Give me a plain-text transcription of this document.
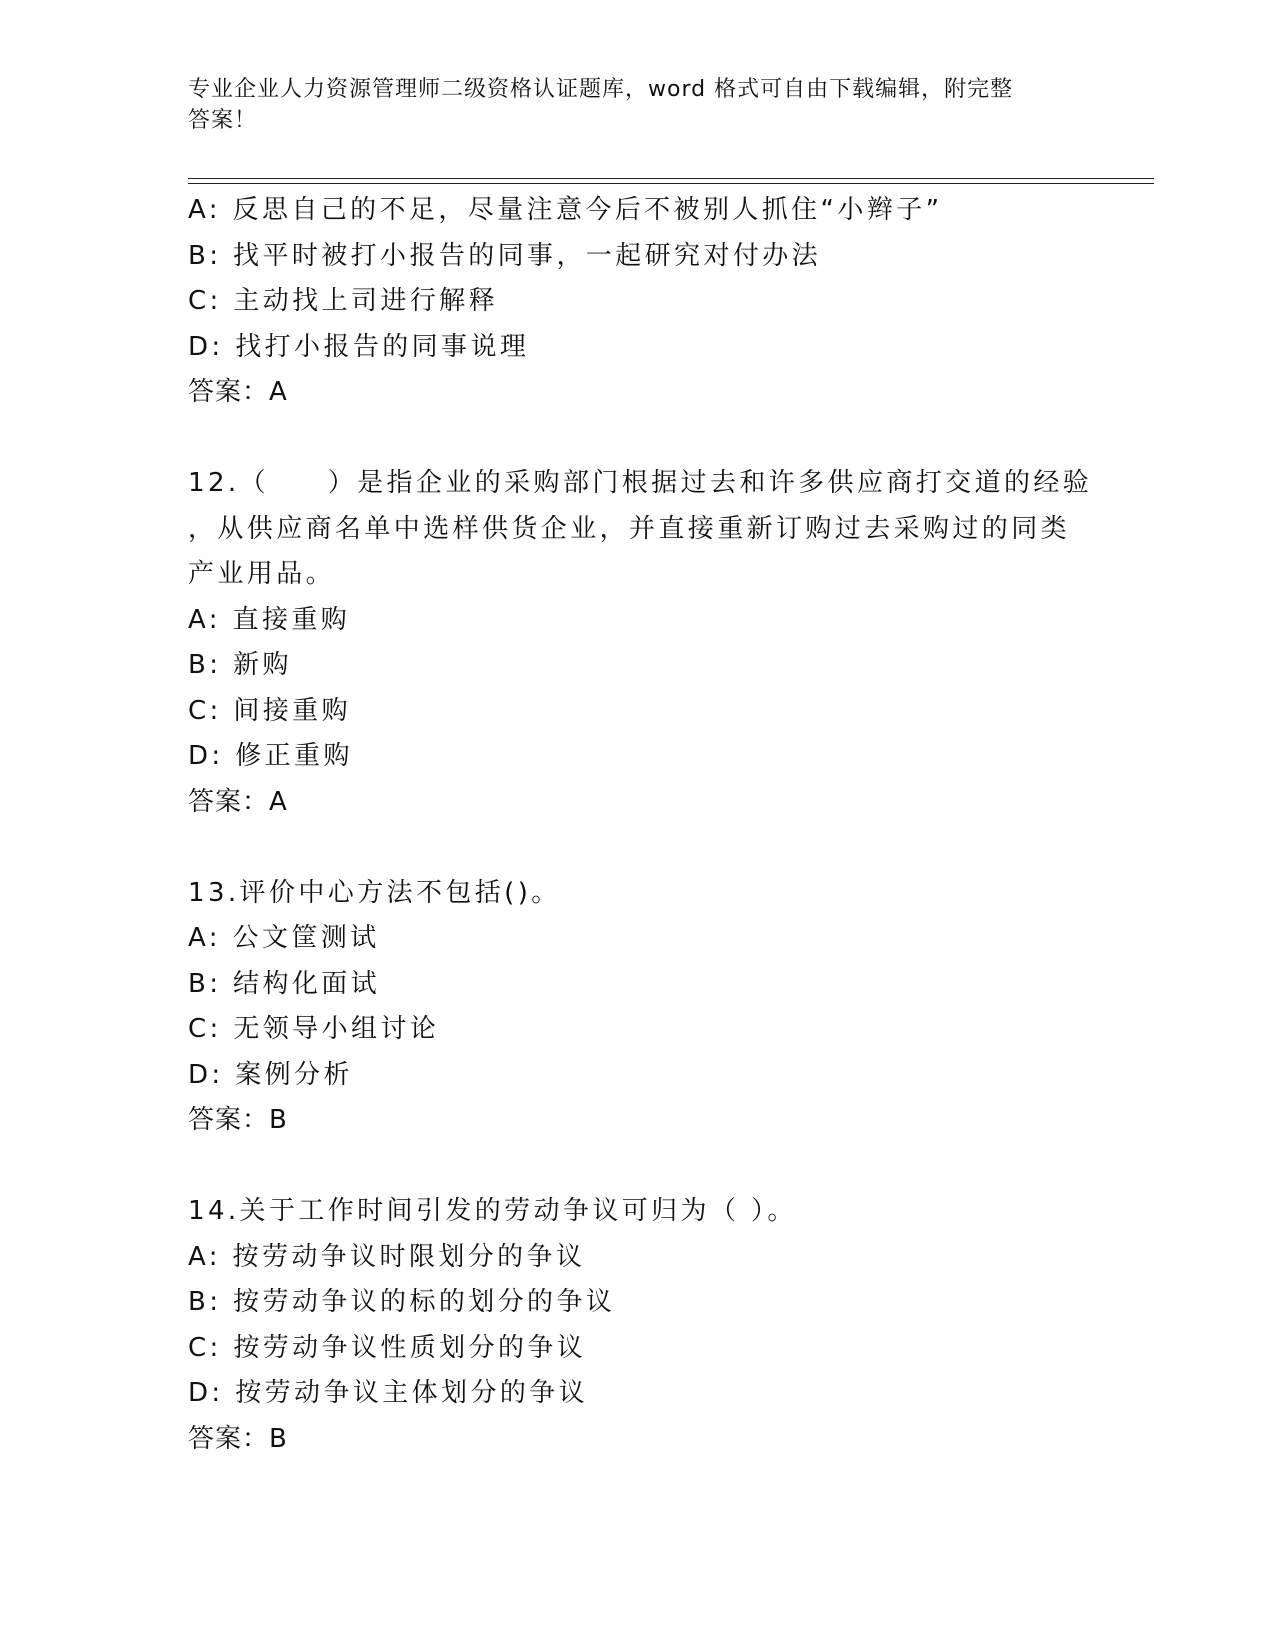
专业企业人力资源管理师二级资格认证题库，word 格式可自由下载编辑，附完整
答案！
A: 反思自己的不足，尽量注意今后不被别人抓住“小辫子”
B: 找平时被打小报告的同事，一起研究对付办法
C: 主动找上司进行解释
D: 找打小报告的同事说理
答案：A
12.（　　）是指企业的采购部门根据过去和许多供应商打交道的经验
，从供应商名单中选样供货企业，并直接重新订购过去采购过的同类
产业用品。
A: 直接重购
B: 新购
C: 间接重购
D: 修正重购
答案：A
13.评价中心方法不包括()。
A: 公文筐测试
B: 结构化面试
C: 无领导小组讨论
D: 案例分析
答案：B
14.关于工作时间引发的劳动争议可归为（ ）。
A: 按劳动争议时限划分的争议
B: 按劳动争议的标的划分的争议
C: 按劳动争议性质划分的争议
D: 按劳动争议主体划分的争议
答案：B
